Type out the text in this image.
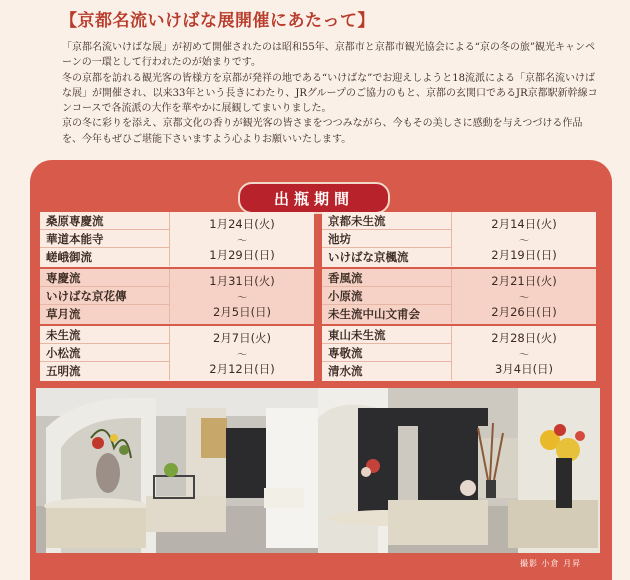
【京都名流いけばな展開催にあたって】

「京都名流いけばな展」が初めて開催されたのは昭和55年、京都市と京都市観光協会による“京の冬の旅”観光キャンペーンの一環として行われたのが始まりです。

冬の京都を訪れる観光客の皆様方を京都が発祥の地である“いけばな”でお迎えしようと18流派による「京都名流いけばな展」が開催され、以来33年という長きにわたり、JRグループのご協力のもと、京都の玄関口であるJR京都駅新幹線コンコースで各流派の大作を華やかに展観してまいりました。

京の冬に彩りを添え、京都文化の香りが観光客の皆さまをつつみながら、今もその美しさに感動を与えつづける作品を、今年もぜひご堪能下さいますよう心よりお願いいたします。

出瓶期間
桑原専慶流
華道本能寺
嵯峨御流
1月24日(火)
〜
1月29日(日)
専慶流
いけばな京花傳
草月流
1月31日(火)
〜
2月5日(日)
未生流
小松流
五明流
2月7日(火)
〜
2月12日(日)
京都未生流
池坊
いけばな京楓流
2月14日(火)
〜
2月19日(日)
香風流
小原流
未生流中山文甫会
2月21日(火)
〜
2月26日(日)
東山未生流
専敬流
清水流
2月28日(火)
〜
3月4日(日)
撮影 小倉 月昇
